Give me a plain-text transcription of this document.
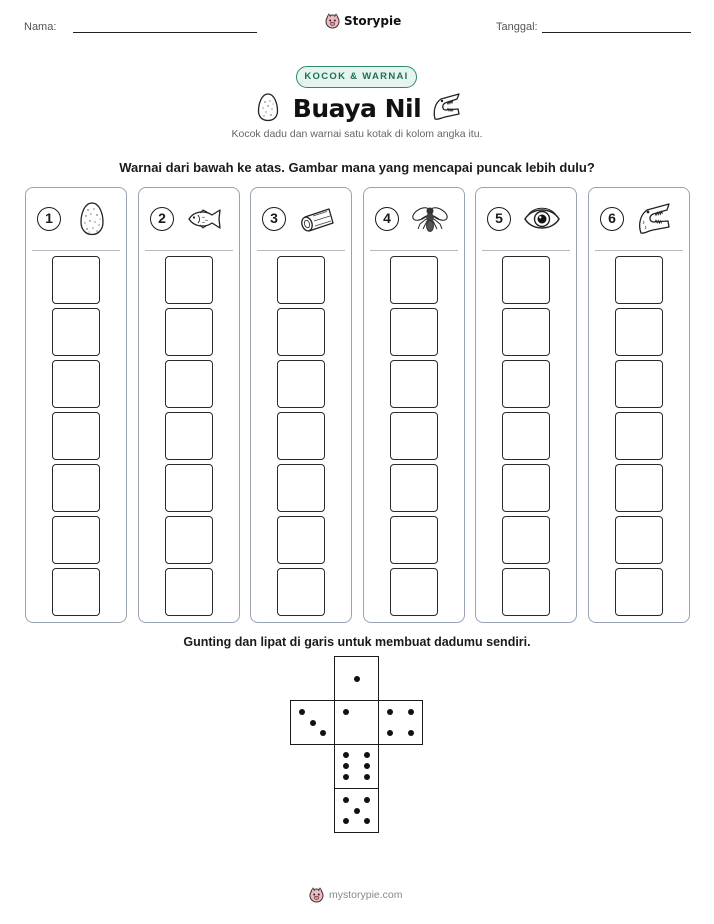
Nama:	Storypie	Tanggal:
KOCOK & WARNAI
Buaya Nil
Kocok dadu dan warnai satu kotak di kolom angka itu.
Warnai dari bawah ke atas. Gambar mana yang mencapai puncak lebih dulu?
1	2	3	4	5	6
Gunting dan lipat di garis untuk membuat dadumu sendiri.
mystorypie.com
